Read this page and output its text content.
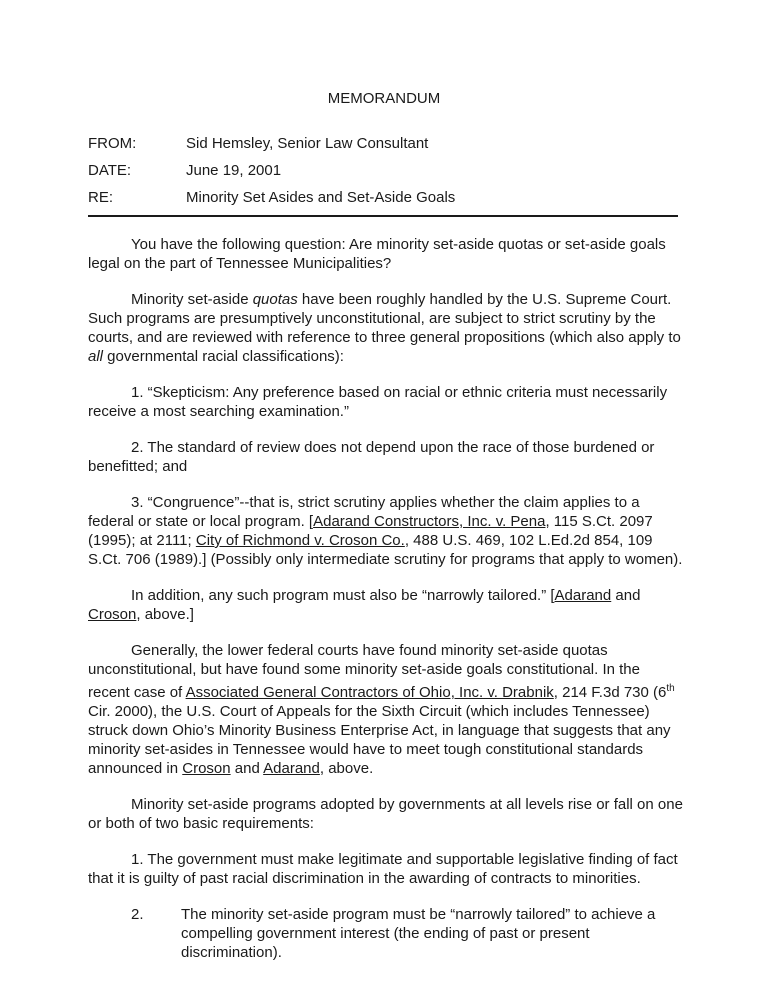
MEMORANDUM
FROM:	Sid Hemsley, Senior Law Consultant
DATE:	June 19, 2001
RE:	Minority Set Asides and Set-Aside Goals

You have the following question: Are minority set-aside quotas or set-aside goals legal on the part of Tennessee Municipalities?

Minority set-aside quotas have been roughly handled by the U.S. Supreme Court. Such programs are presumptively unconstitutional, are subject to strict scrutiny by the courts, and are reviewed with reference to three general propositions (which also apply to all governmental racial classifications):

1. “Skepticism: Any preference based on racial or ethnic criteria must necessarily receive a most searching examination.”

2. The standard of review does not depend upon the race of those burdened or benefitted; and

3. “Congruence”--that is, strict scrutiny applies whether the claim applies to a federal or state or local program. [Adarand Constructors, Inc. v. Pena, 115 S.Ct. 2097 (1995); at 2111; City of Richmond v. Croson Co., 488 U.S. 469, 102 L.Ed.2d 854, 109 S.Ct. 706 (1989).] (Possibly only intermediate scrutiny for programs that apply to women).

In addition, any such program must also be “narrowly tailored.” [Adarand and Croson, above.]

Generally, the lower federal courts have found minority set-aside quotas unconstitutional, but have found some minority set-aside goals constitutional. In the recent case of Associated General Contractors of Ohio, Inc. v. Drabnik, 214 F.3d 730 (6th Cir. 2000), the U.S. Court of Appeals for the Sixth Circuit (which includes Tennessee) struck down Ohio’s Minority Business Enterprise Act, in language that suggests that any minority set-asides in Tennessee would have to meet tough constitutional standards announced in Croson and Adarand, above.

Minority set-aside programs adopted by governments at all levels rise or fall on one or both of two basic requirements:

1. The government must make legitimate and supportable legislative finding of fact that it is guilty of past racial discrimination in the awarding of contracts to minorities.

2.	The minority set-aside program must be “narrowly tailored” to achieve a compelling government interest (the ending of past or present discrimination).
